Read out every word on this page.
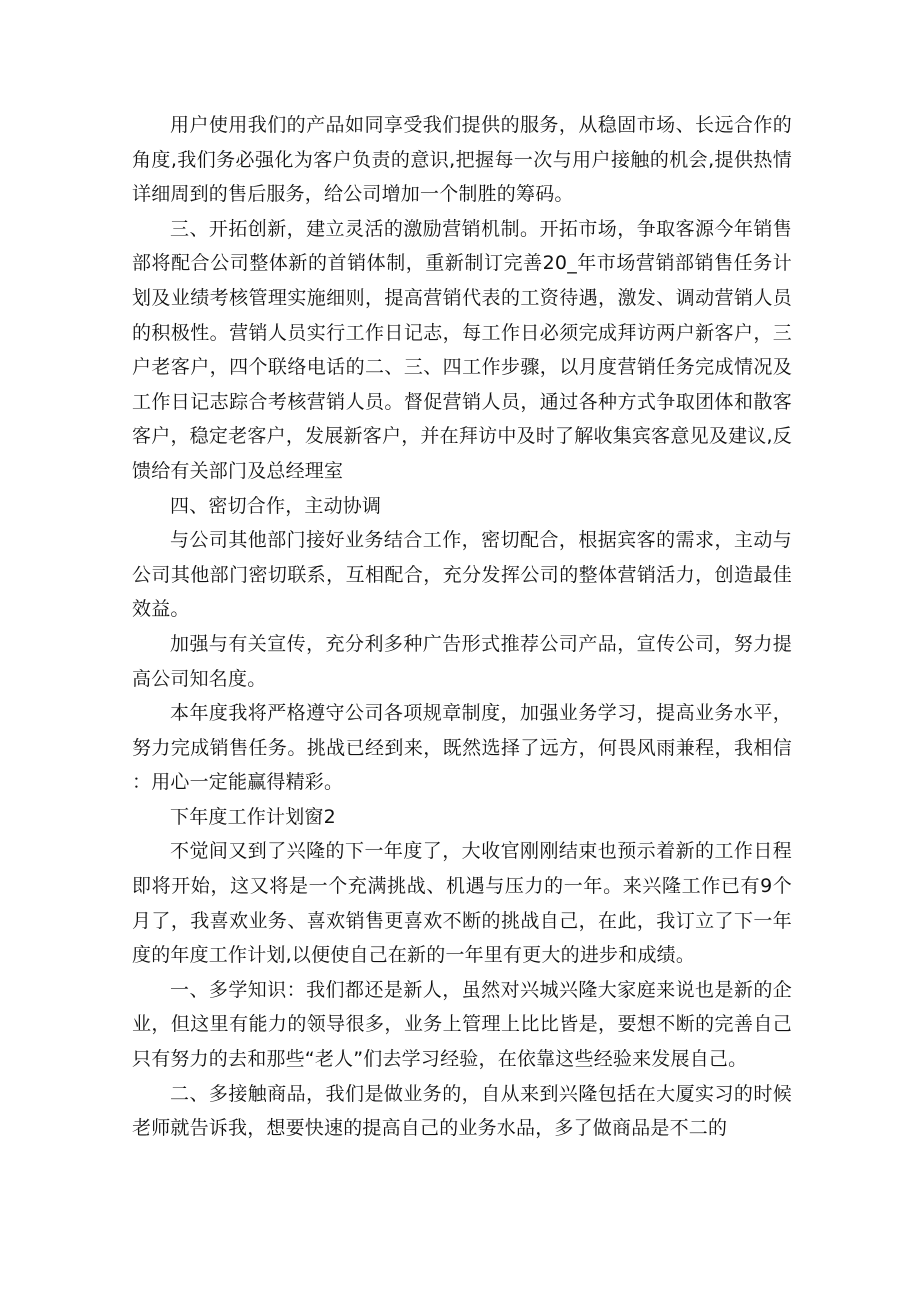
用户使用我们的产品如同享受我们提供的服务，从稳固市场、长远合作的角度,我们务必强化为客户负责的意识,把握每一次与用户接触的机会,提供热情详细周到的售后服务，给公司增加一个制胜的筹码。

三、开拓创新，建立灵活的激励营销机制。开拓市场，争取客源今年销售部将配合公司整体新的首销体制，重新制订完善20_年市场营销部销售任务计划及业绩考核管理实施细则，提高营销代表的工资待遇，激发、调动营销人员的积极性。营销人员实行工作日记志，每工作日必须完成拜访两户新客户，三户老客户，四个联络电话的二、三、四工作步骤，以月度营销任务完成情况及工作日记志踪合考核营销人员。督促营销人员，通过各种方式争取团体和散客客户，稳定老客户，发展新客户，并在拜访中及时了解收集宾客意见及建议,反馈给有关部门及总经理室

四、密切合作，主动协调

与公司其他部门接好业务结合工作，密切配合，根据宾客的需求，主动与公司其他部门密切联系，互相配合，充分发挥公司的整体营销活力，创造最佳效益。

加强与有关宣传，充分利多种广告形式推荐公司产品，宣传公司，努力提高公司知名度。

本年度我将严格遵守公司各项规章制度，加强业务学习，提高业务水平，努力完成销售任务。挑战已经到来，既然选择了远方，何畏风雨兼程，我相信：用心一定能赢得精彩。

下年度工作计划窗2

不觉间又到了兴隆的下一年度了，大收官刚刚结束也预示着新的工作日程即将开始，这又将是一个充满挑战、机遇与压力的一年。来兴隆工作已有9个月了，我喜欢业务、喜欢销售更喜欢不断的挑战自己，在此，我订立了下一年度的年度工作计划,以便使自己在新的一年里有更大的进步和成绩。

一、多学知识：我们都还是新人，虽然对兴城兴隆大家庭来说也是新的企业，但这里有能力的领导很多，业务上管理上比比皆是，要想不断的完善自己只有努力的去和那些“老人”们去学习经验，在依靠这些经验来发展自己。

二、多接触商品，我们是做业务的，自从来到兴隆包括在大厦实习的时候老师就告诉我，想要快速的提高自己的业务水品，多了做商品是不二的
